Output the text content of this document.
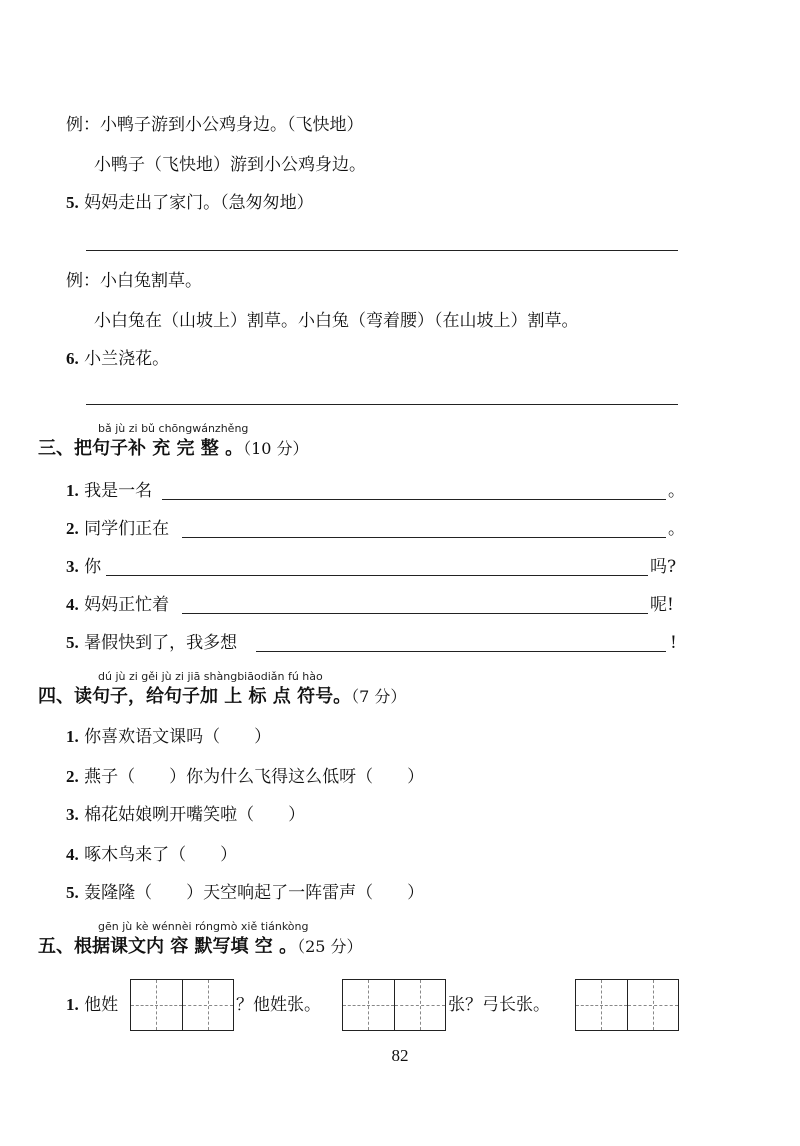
例：小鸭子游到小公鸡身边。（飞快地）
小鸭子（飞快地）游到小公鸡身边。
5. 妈妈走出了家门。（急匆匆地）
例：小白兔割草。
小白兔在（山坡上）割草。小白兔（弯着腰）（在山坡上）割草。
6. 小兰浇花。
bǎ jù zi bǔ chōngwánzhěng
三、把句子补 充 完 整 。（10 分）
1. 我是一名	。
2. 同学们正在	。
3. 你	吗?
4. 妈妈正忙着	呢!
5. 暑假快到了，我多想	!
dú jù zi gěi jù zi jiā shàngbiāodiǎn fú hào
四、读句子，给句子加 上 标 点 符号。（7 分）
1. 你喜欢语文课吗（ ）
2. 燕子（ ）你为什么飞得这么低呀（ ）
3. 棉花姑娘咧开嘴笑啦（ ）
4. 啄木鸟来了（ ）
5. 轰隆隆（ ）天空响起了一阵雷声（ ）
gēn jù kè wénnèi róngmò xiě tiánkòng
五、根据课文内 容 默写填 空 。（25 分）
1. 他姓	？他姓张。	张？弓长张。
82
